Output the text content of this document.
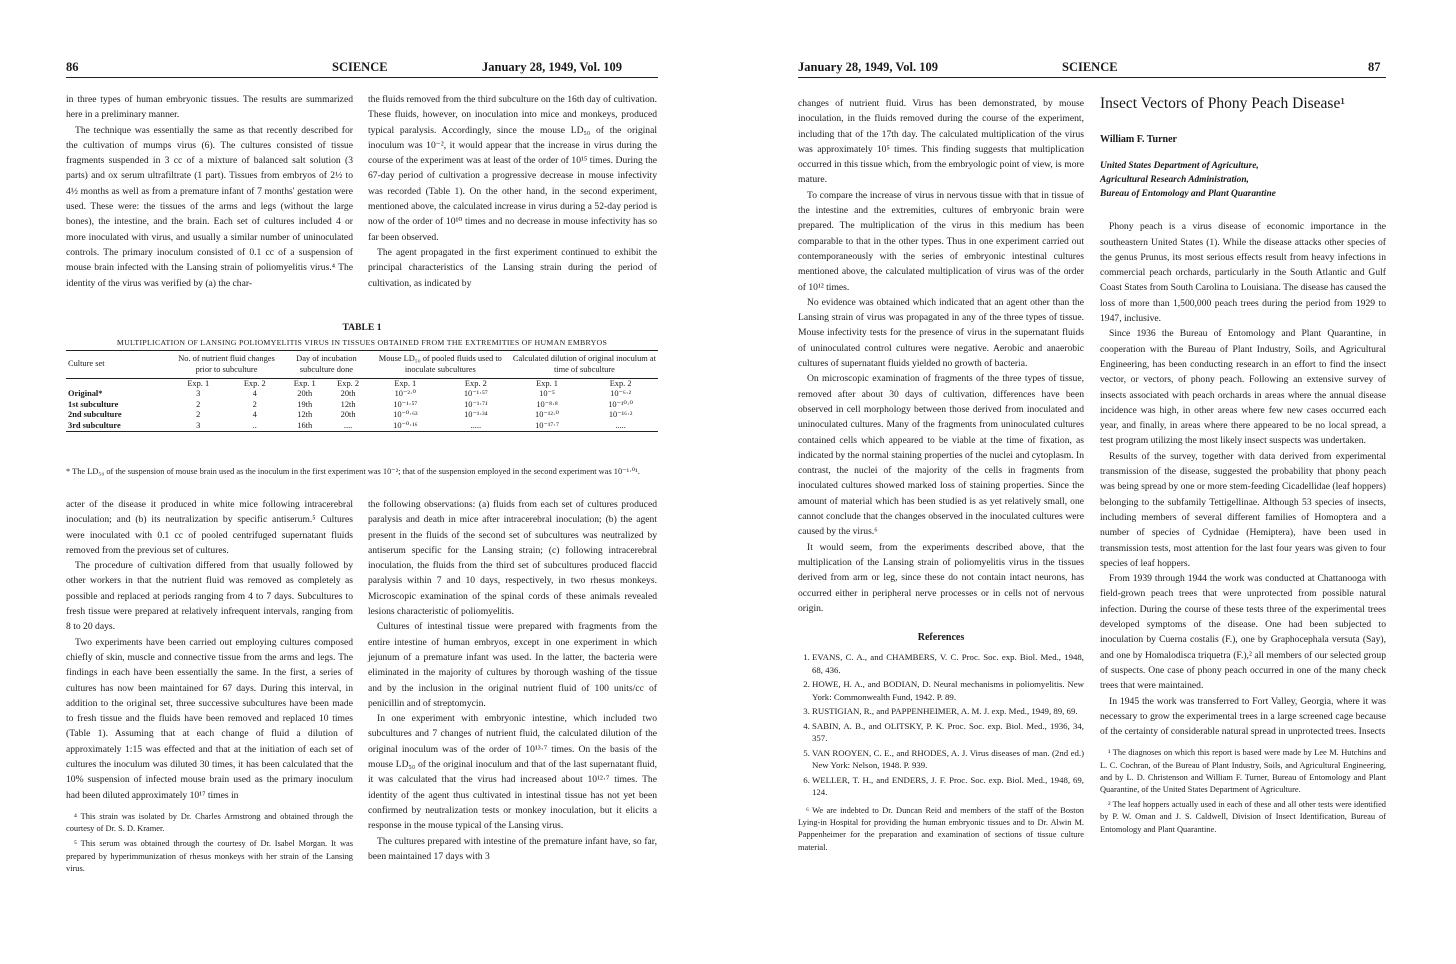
86	SCIENCE	January 28, 1949, Vol. 109

in three types of human embryonic tissues. The results are summarized here in a preliminary manner.

The technique was essentially the same as that recently described for the cultivation of mumps virus (6). The cultures consisted of tissue fragments suspended in 3 cc of a mixture of balanced salt solution (3 parts) and ox serum ultrafiltrate (1 part). Tissues from embryos of 2½ to 4½ months as well as from a premature infant of 7 months' gestation were used. These were: the tissues of the arms and legs (without the large bones), the intestine, and the brain. Each set of cultures included 4 or more inoculated with virus, and usually a similar number of uninoculated controls. The primary inoculum consisted of 0.1 cc of a suspension of mouse brain infected with the Lansing strain of poliomyelitis virus.⁴ The identity of the virus was verified by (a) the char-

the fluids removed from the third subculture on the 16th day of cultivation. These fluids, however, on inoculation into mice and monkeys, produced typical paralysis. Accordingly, since the mouse LD₅₀ of the original inoculum was 10⁻², it would appear that the increase in virus during the course of the experiment was at least of the order of 10¹⁵ times. During the 67-day period of cultivation a progressive decrease in mouse infectivity was recorded (Table 1). On the other hand, in the second experiment, mentioned above, the calculated increase in virus during a 52-day period is now of the order of 10¹⁰ times and no decrease in mouse infectivity has so far been observed.

The agent propagated in the first experiment continued to exhibit the principal characteristics of the Lansing strain during the period of cultivation, as indicated by

TABLE 1
MULTIPLICATION OF LANSING POLIOMYELITIS VIRUS IN TISSUES OBTAINED FROM THE EXTREMITIES OF HUMAN EMBRYOS
Culture set	No. of nutrient fluid changes prior to subculture		Day of incubation subculture done		Mouse LD₅₀ of pooled fluids used to inoculate subcultures		Calculated dilution of original inoculum at time of subculture	

	Exp. 1	Exp. 2	Exp. 1	Exp. 2	Exp. 1	Exp. 2	Exp. 1	Exp. 2
Original*	3	4	20th	20th	10⁻²·⁰	10⁻¹·⁵⁷	10⁻⁵	10⁻⁶·²
1st subculture	2	2	19th	12th	10⁻¹·⁵⁷	10⁻¹·⁷¹	10⁻⁸·⁸	10⁻¹⁰·⁰
2nd subculture	2	4	12th	20th	10⁻⁰·⁶³	10⁻¹·³⁴	10⁻¹²·⁰	10⁻¹⁶·²
3rd subculture	3	..	16th	....	10⁻⁰·¹⁶	.....	10⁻¹⁷·⁷	.....
* The LD₅₀ of the suspension of mouse brain used as the inoculum in the first experiment was 10⁻²; that of the suspension employed in the second experiment was 10⁻¹·⁰¹.

acter of the disease it produced in white mice following intracerebral inoculation; and (b) its neutralization by specific antiserum.⁵ Cultures were inoculated with 0.1 cc of pooled centrifuged supernatant fluids removed from the previous set of cultures.

The procedure of cultivation differed from that usually followed by other workers in that the nutrient fluid was removed as completely as possible and replaced at periods ranging from 4 to 7 days. Subcultures to fresh tissue were prepared at relatively infrequent intervals, ranging from 8 to 20 days.

Two experiments have been carried out employing cultures composed chiefly of skin, muscle and connective tissue from the arms and legs. The findings in each have been essentially the same. In the first, a series of cultures has now been maintained for 67 days. During this interval, in addition to the original set, three successive subcultures have been made to fresh tissue and the fluids have been removed and replaced 10 times (Table 1). Assuming that at each change of fluid a dilution of approximately 1:15 was effected and that at the initiation of each set of cultures the inoculum was diluted 30 times, it has been calculated that the 10% suspension of infected mouse brain used as the primary inoculum had been diluted approximately 10¹⁷ times in

⁴ This strain was isolated by Dr. Charles Armstrong and obtained through the courtesy of Dr. S. D. Kramer.

⁵ This serum was obtained through the courtesy of Dr. Isabel Morgan. It was prepared by hyperimmunization of rhesus monkeys with her strain of the Lansing virus.

the following observations: (a) fluids from each set of cultures produced paralysis and death in mice after intracerebral inoculation; (b) the agent present in the fluids of the second set of subcultures was neutralized by antiserum specific for the Lansing strain; (c) following intracerebral inoculation, the fluids from the third set of subcultures produced flaccid paralysis within 7 and 10 days, respectively, in two rhesus monkeys. Microscopic examination of the spinal cords of these animals revealed lesions characteristic of poliomyelitis.

Cultures of intestinal tissue were prepared with fragments from the entire intestine of human embryos, except in one experiment in which jejunum of a premature infant was used. In the latter, the bacteria were eliminated in the majority of cultures by thorough washing of the tissue and by the inclusion in the original nutrient fluid of 100 units/cc of penicillin and of streptomycin.

In one experiment with embryonic intestine, which included two subcultures and 7 changes of nutrient fluid, the calculated dilution of the original inoculum was of the order of 10¹³·⁷ times. On the basis of the mouse LD₅₀ of the original inoculum and that of the last supernatant fluid, it was calculated that the virus had increased about 10¹²·⁷ times. The identity of the agent thus cultivated in intestinal tissue has not yet been confirmed by neutralization tests or monkey inoculation, but it elicits a response in the mouse typical of the Lansing virus.

The cultures prepared with intestine of the premature infant have, so far, been maintained 17 days with 3

January 28, 1949, Vol. 109	SCIENCE	87

changes of nutrient fluid. Virus has been demonstrated, by mouse inoculation, in the fluids removed during the course of the experiment, including that of the 17th day. The calculated multiplication of the virus was approximately 10⁵ times. This finding suggests that multiplication occurred in this tissue which, from the embryologic point of view, is more mature.

To compare the increase of virus in nervous tissue with that in tissue of the intestine and the extremities, cultures of embryonic brain were prepared. The multiplication of the virus in this medium has been comparable to that in the other types. Thus in one experiment carried out contemporaneously with the series of embryonic intestinal cultures mentioned above, the calculated multiplication of virus was of the order of 10¹² times.

No evidence was obtained which indicated that an agent other than the Lansing strain of virus was propagated in any of the three types of tissue. Mouse infectivity tests for the presence of virus in the supernatant fluids of uninoculated control cultures were negative. Aerobic and anaerobic cultures of supernatant fluids yielded no growth of bacteria.

On microscopic examination of fragments of the three types of tissue, removed after about 30 days of cultivation, differences have been observed in cell morphology between those derived from inoculated and uninoculated cultures. Many of the fragments from uninoculated cultures contained cells which appeared to be viable at the time of fixation, as indicated by the normal staining properties of the nuclei and cytoplasm. In contrast, the nuclei of the majority of the cells in fragments from inoculated cultures showed marked loss of staining properties. Since the amount of material which has been studied is as yet relatively small, one cannot conclude that the changes observed in the inoculated cultures were caused by the virus.⁶

It would seem, from the experiments described above, that the multiplication of the Lansing strain of poliomyelitis virus in the tissues derived from arm or leg, since these do not contain intact neurons, has occurred either in peripheral nerve processes or in cells not of nervous origin.

References
1. EVANS, C. A., and CHAMBERS, V. C. Proc. Soc. exp. Biol. Med., 1948, 68, 436.
2. HOWE, H. A., and BODIAN, D. Neural mechanisms in poliomyelitis. New York: Commonwealth Fund, 1942. P. 89.
3. RUSTIGIAN, R., and PAPPENHEIMER, A. M. J. exp. Med., 1949, 89, 69.
4. SABIN, A. B., and OLITSKY, P. K. Proc. Soc. exp. Biol. Med., 1936, 34, 357.
5. VAN ROOYEN, C. E., and RHODES, A. J. Virus diseases of man. (2nd ed.) New York: Nelson, 1948. P. 939.
6. WELLER, T. H., and ENDERS, J. F. Proc. Soc. exp. Biol. Med., 1948, 69, 124.

⁶ We are indebted to Dr. Duncan Reid and members of the staff of the Boston Lying-in Hospital for providing the human embryonic tissues and to Dr. Alwin M. Pappenheimer for the preparation and examination of sections of tissue culture material.

Insect Vectors of Phony Peach Disease¹
William F. Turner
United States Department of Agriculture,
Agricultural Research Administration,
Bureau of Entomology and Plant Quarantine

Phony peach is a virus disease of economic importance in the southeastern United States (1). While the disease attacks other species of the genus Prunus, its most serious effects result from heavy infections in commercial peach orchards, particularly in the South Atlantic and Gulf Coast States from South Carolina to Louisiana. The disease has caused the loss of more than 1,500,000 peach trees during the period from 1929 to 1947, inclusive.

Since 1936 the Bureau of Entomology and Plant Quarantine, in cooperation with the Bureau of Plant Industry, Soils, and Agricultural Engineering, has been conducting research in an effort to find the insect vector, or vectors, of phony peach. Following an extensive survey of insects associated with peach orchards in areas where the annual disease incidence was high, in other areas where few new cases occurred each year, and finally, in areas where there appeared to be no local spread, a test program utilizing the most likely insect suspects was undertaken.

Results of the survey, together with data derived from experimental transmission of the disease, suggested the probability that phony peach was being spread by one or more stem-feeding Cicadellidae (leaf hoppers) belonging to the subfamily Tettigellinae. Although 53 species of insects, including members of several different families of Homoptera and a number of species of Cydnidae (Hemiptera), have been used in transmission tests, most attention for the last four years was given to four species of leaf hoppers.

From 1939 through 1944 the work was conducted at Chattanooga with field-grown peach trees that were unprotected from possible natural infection. During the course of these tests three of the experimental trees developed symptoms of the disease. One had been subjected to inoculation by Cuerna costalis (F.), one by Graphocephala versuta (Say), and one by Homalodisca triquetra (F.),² all members of our selected group of suspects. One case of phony peach occurred in one of the many check trees that were maintained.

In 1945 the work was transferred to Fort Valley, Georgia, where it was necessary to grow the experimental trees in a large screened cage because of the certainty of considerable natural spread in unprotected trees. Insects

¹ The diagnoses on which this report is based were made by Lee M. Hutchins and L. C. Cochran, of the Bureau of Plant Industry, Soils, and Agricultural Engineering, and by L. D. Christenson and William F. Turner, Bureau of Entomology and Plant Quarantine, of the United States Department of Agriculture.

² The leaf hoppers actually used in each of these and all other tests were identified by P. W. Oman and J. S. Caldwell, Division of Insect Identification, Bureau of Entomology and Plant Quarantine.
